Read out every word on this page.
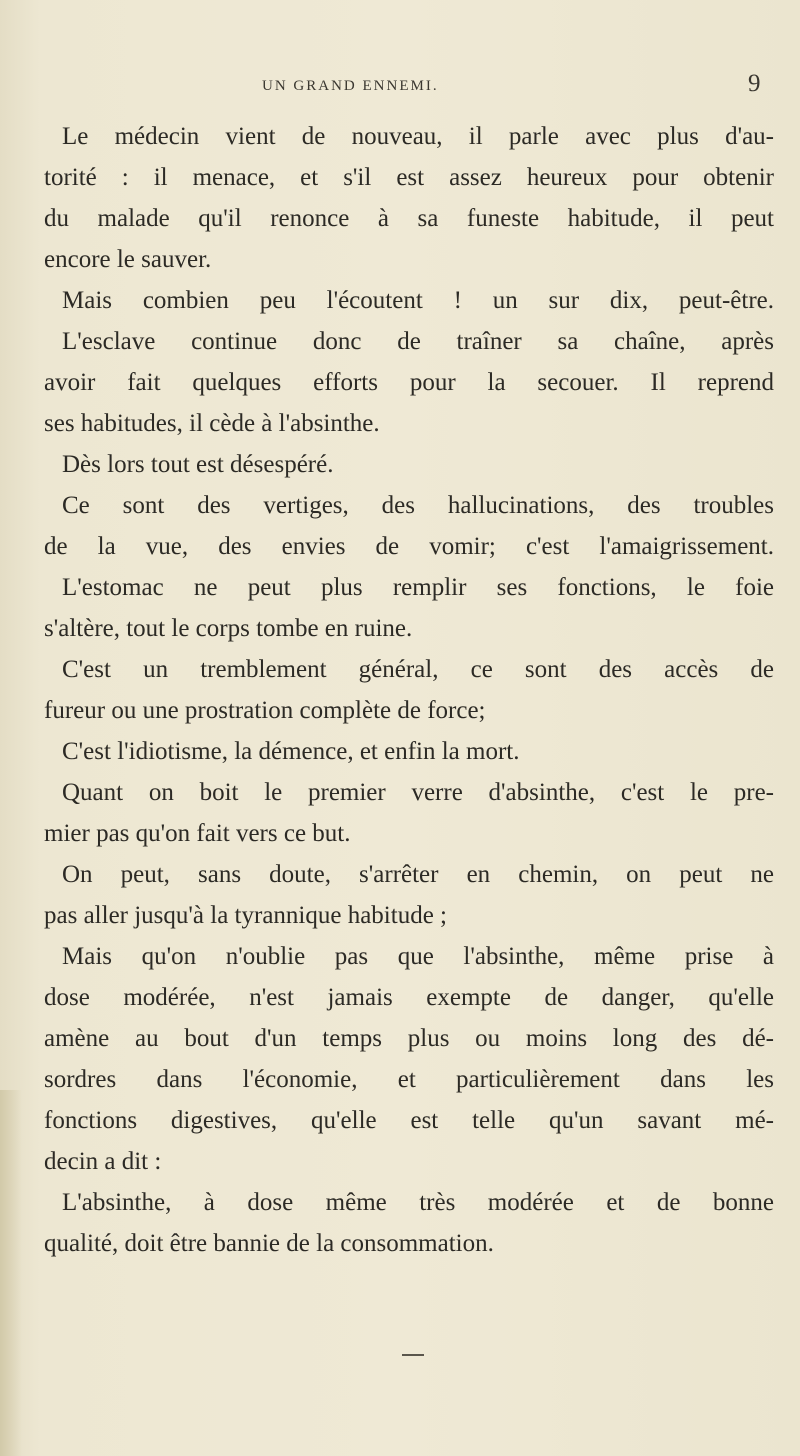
UN GRAND ENNEMI.	9
Le médecin vient de nouveau, il parle avec plus d'au-
torité : il menace, et s'il est assez heureux pour obtenir
du malade qu'il renonce à sa funeste habitude, il peut
encore le sauver.
Mais combien peu l'écoutent ! un sur dix, peut-être.
L'esclave continue donc de traîner sa chaîne, après
avoir fait quelques efforts pour la secouer. Il reprend
ses habitudes, il cède à l'absinthe.
Dès lors tout est désespéré.
Ce sont des vertiges, des hallucinations, des troubles
de la vue, des envies de vomir; c'est l'amaigrissement.
L'estomac ne peut plus remplir ses fonctions, le foie
s'altère, tout le corps tombe en ruine.
C'est un tremblement général, ce sont des accès de
fureur ou une prostration complète de force;
C'est l'idiotisme, la démence, et enfin la mort.
Quant on boit le premier verre d'absinthe, c'est le pre-
mier pas qu'on fait vers ce but.
On peut, sans doute, s'arrêter en chemin, on peut ne
pas aller jusqu'à la tyrannique habitude ;
Mais qu'on n'oublie pas que l'absinthe, même prise à
dose modérée, n'est jamais exempte de danger, qu'elle
amène au bout d'un temps plus ou moins long des dé-
sordres dans l'économie, et particulièrement dans les
fonctions digestives, qu'elle est telle qu'un savant mé-
decin a dit :
L'absinthe, à dose même très modérée et de bonne
qualité, doit être bannie de la consommation.
